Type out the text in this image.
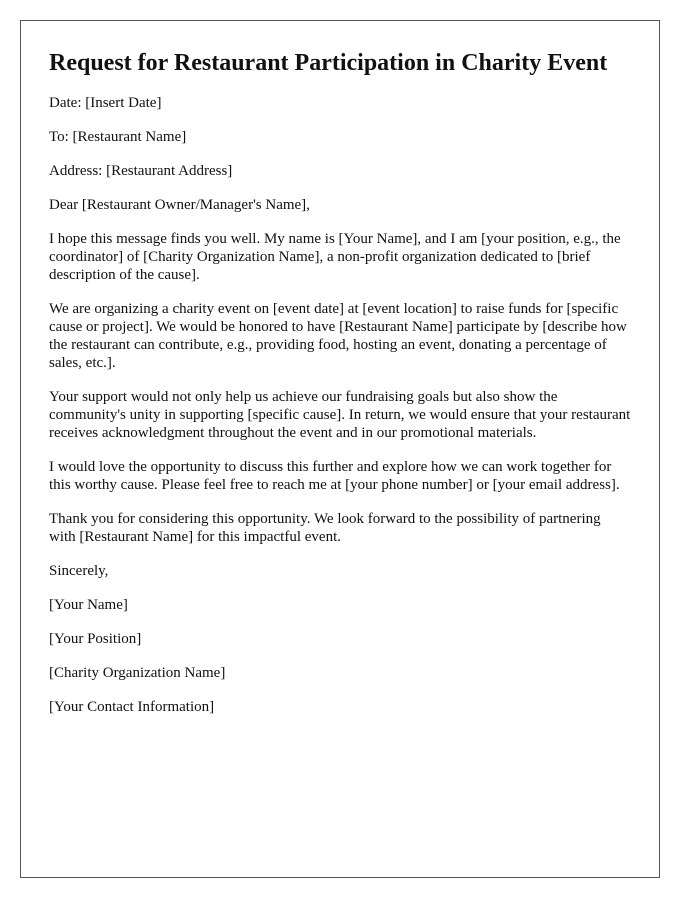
Request for Restaurant Participation in Charity Event

Date: [Insert Date]

To: [Restaurant Name]

Address: [Restaurant Address]

Dear [Restaurant Owner/Manager's Name],

I hope this message finds you well. My name is [Your Name], and I am [your position, e.g., the coordinator] of [Charity Organization Name], a non-profit organization dedicated to [brief description of the cause].

We are organizing a charity event on [event date] at [event location] to raise funds for [specific cause or project]. We would be honored to have [Restaurant Name] participate by [describe how the restaurant can contribute, e.g., providing food, hosting an event, donating a percentage of sales, etc.].

Your support would not only help us achieve our fundraising goals but also show the community's unity in supporting [specific cause]. In return, we would ensure that your restaurant receives acknowledgment throughout the event and in our promotional materials.

I would love the opportunity to discuss this further and explore how we can work together for this worthy cause. Please feel free to reach me at [your phone number] or [your email address].

Thank you for considering this opportunity. We look forward to the possibility of partnering with [Restaurant Name] for this impactful event.

Sincerely,

[Your Name]

[Your Position]

[Charity Organization Name]

[Your Contact Information]
